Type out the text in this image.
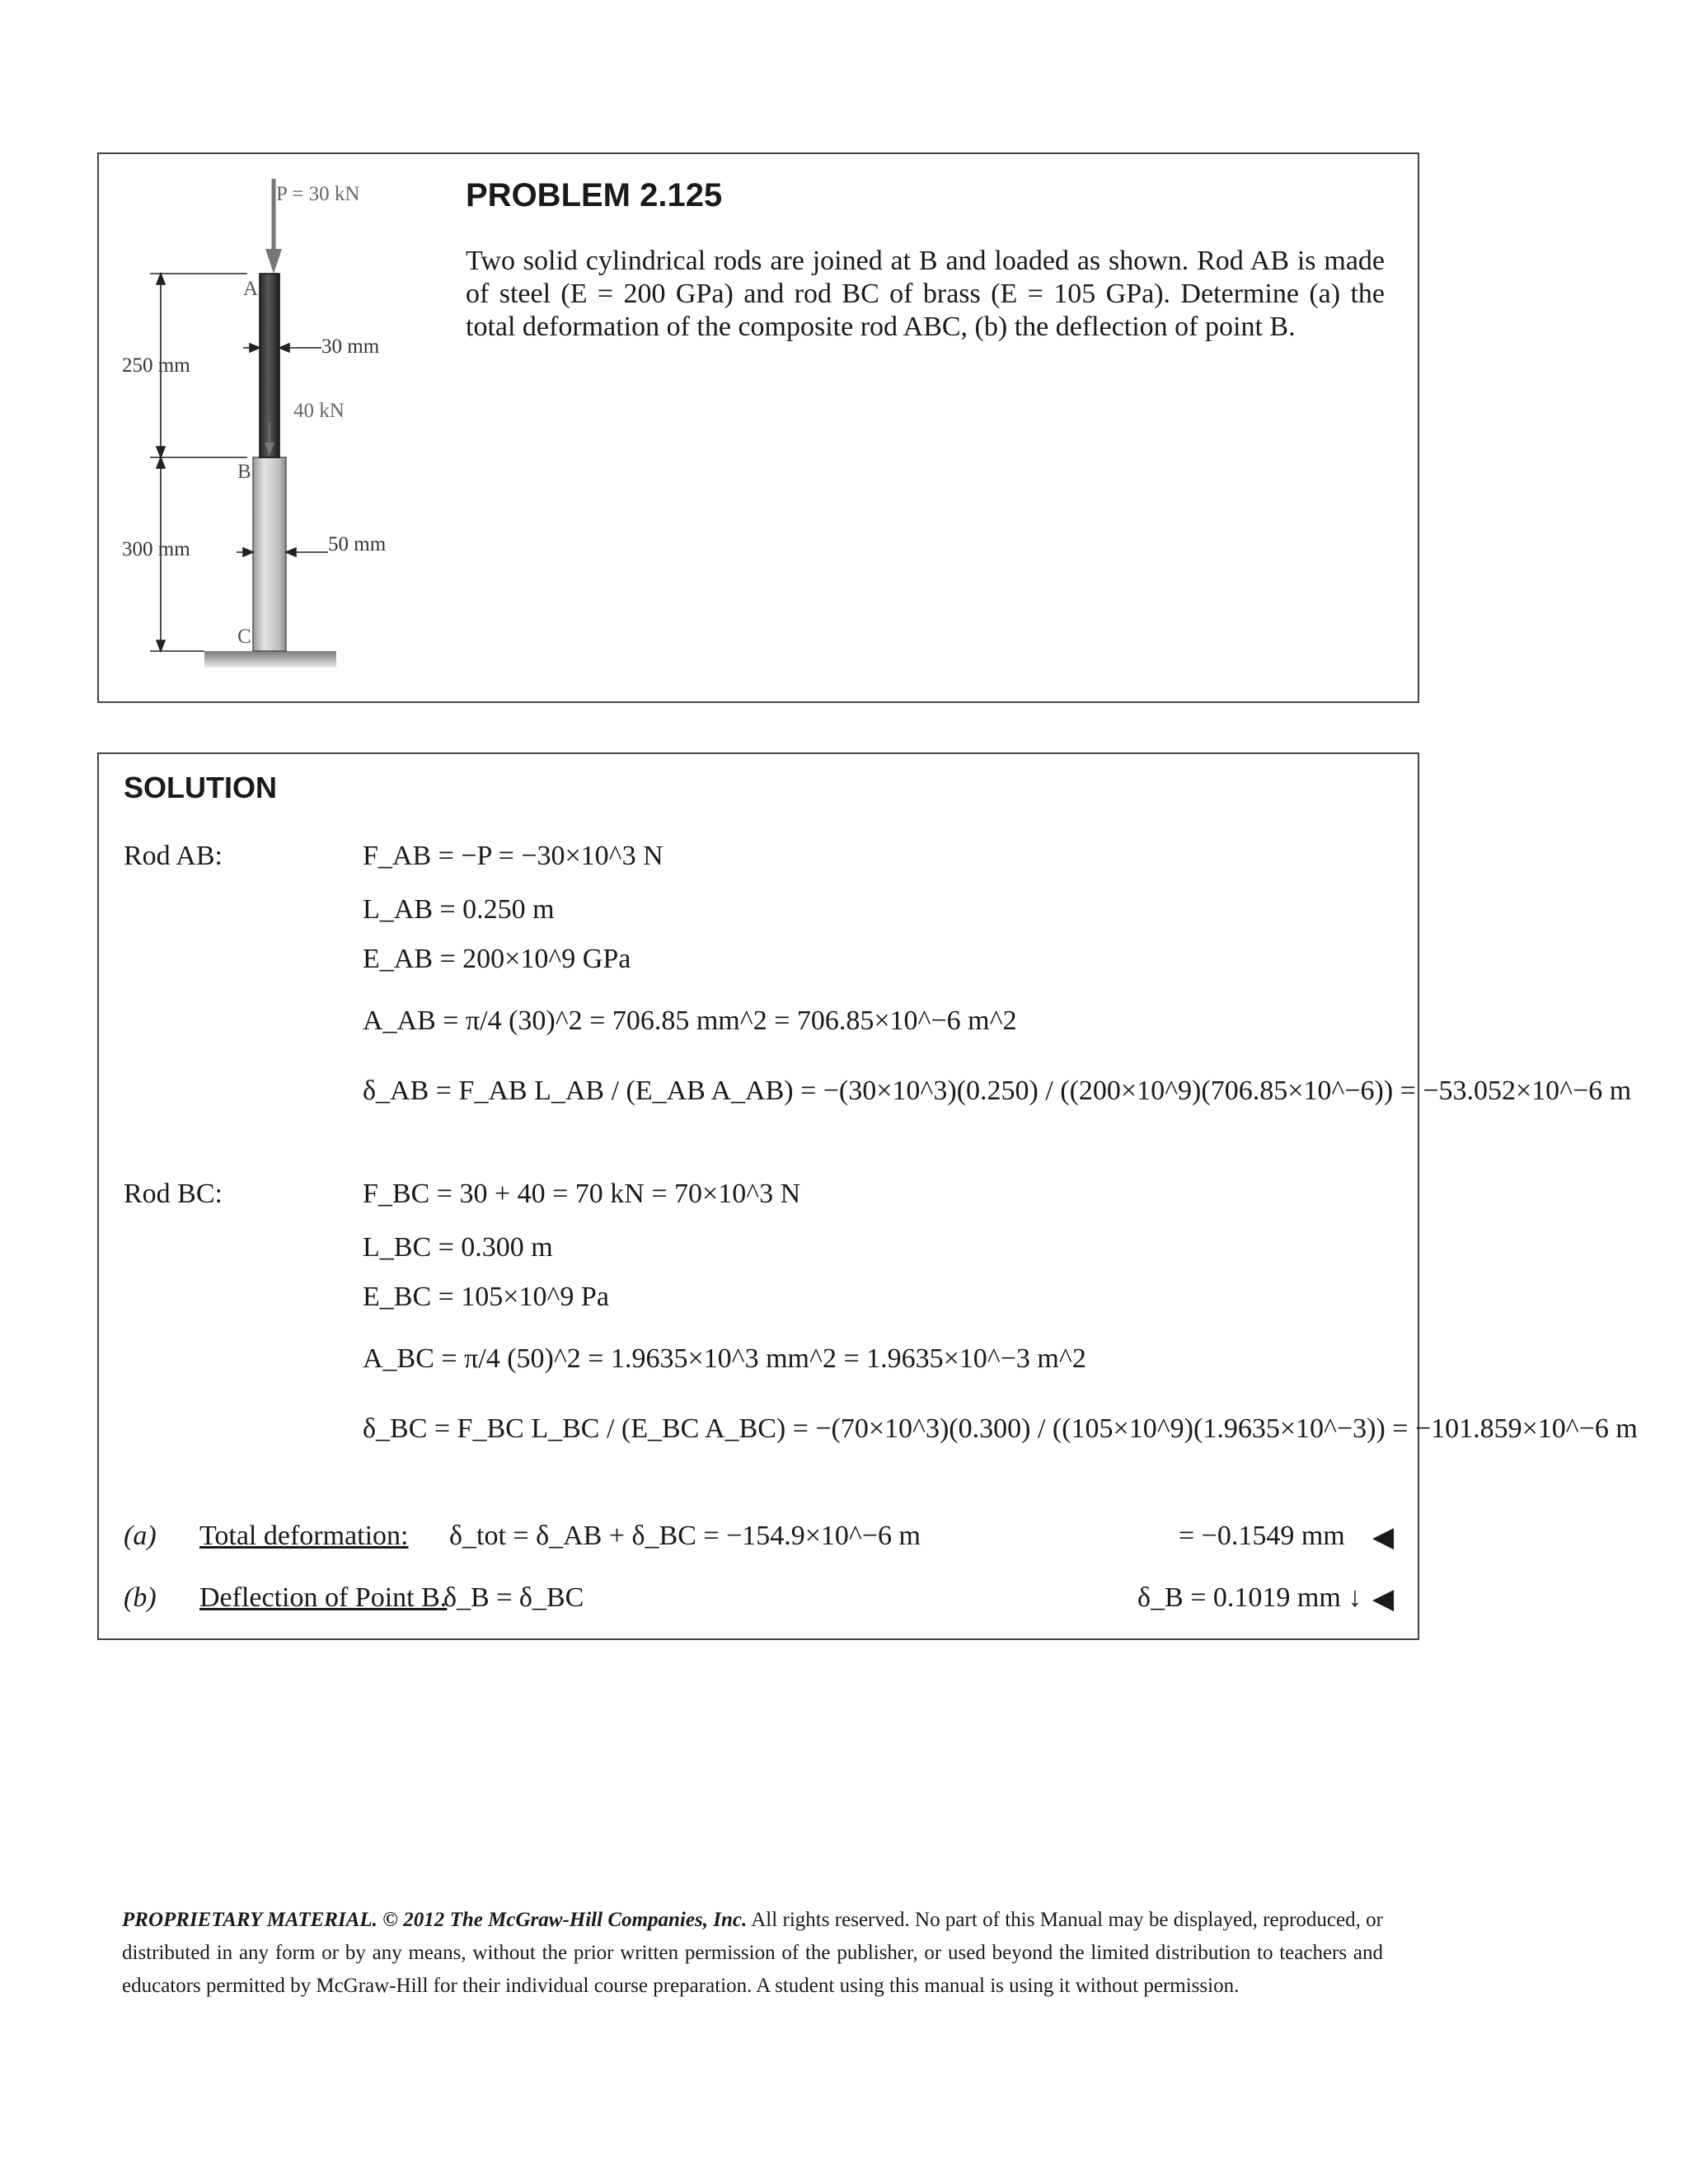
P = 30 kN
40 kN
A
B
C
250 mm
300 mm
30 mm
50 mm
PROBLEM 2.125
Two solid cylindrical rods are joined at B and loaded as shown. Rod AB is made of steel (E = 200 GPa) and rod BC of brass (E = 105 GPa). Determine (a) the total deformation of the composite rod ABC, (b) the deflection of point B.
SOLUTION
Rod AB:
Rod BC:
F_AB = −P = −30×10^3 N
L_AB = 0.250 m
E_AB = 200×10^9 GPa
A_AB = π/4 (30)^2 = 706.85 mm^2 = 706.85×10^−6 m^2
δ_AB = F_AB L_AB / (E_AB A_AB) = −(30×10^3)(0.250) / ((200×10^9)(706.85×10^−6)) = −53.052×10^−6 m
F_BC = 30 + 40 = 70 kN = 70×10^3 N
L_BC = 0.300 m
E_BC = 105×10^9 Pa
A_BC = π/4 (50)^2 = 1.9635×10^3 mm^2 = 1.9635×10^−3 m^2
δ_BC = F_BC L_BC / (E_BC A_BC) = −(70×10^3)(0.300) / ((105×10^9)(1.9635×10^−3)) = −101.859×10^−6 m
(a) Total deformation: δ_tot = δ_AB + δ_BC = −154.9×10^−6 m	= −0.1549 mm ◀
(b) Deflection of Point B.
δ_B = δ_BC	δ_B = 0.1019 mm ↓ ◀
PROPRIETARY MATERIAL. © 2012 The McGraw-Hill Companies, Inc. All rights reserved. No part of this Manual may be displayed, reproduced, or distributed in any form or by any means, without the prior written permission of the publisher, or used beyond the limited distribution to teachers and educators permitted by McGraw-Hill for their individual course preparation. A student using this manual is using it without permission.
